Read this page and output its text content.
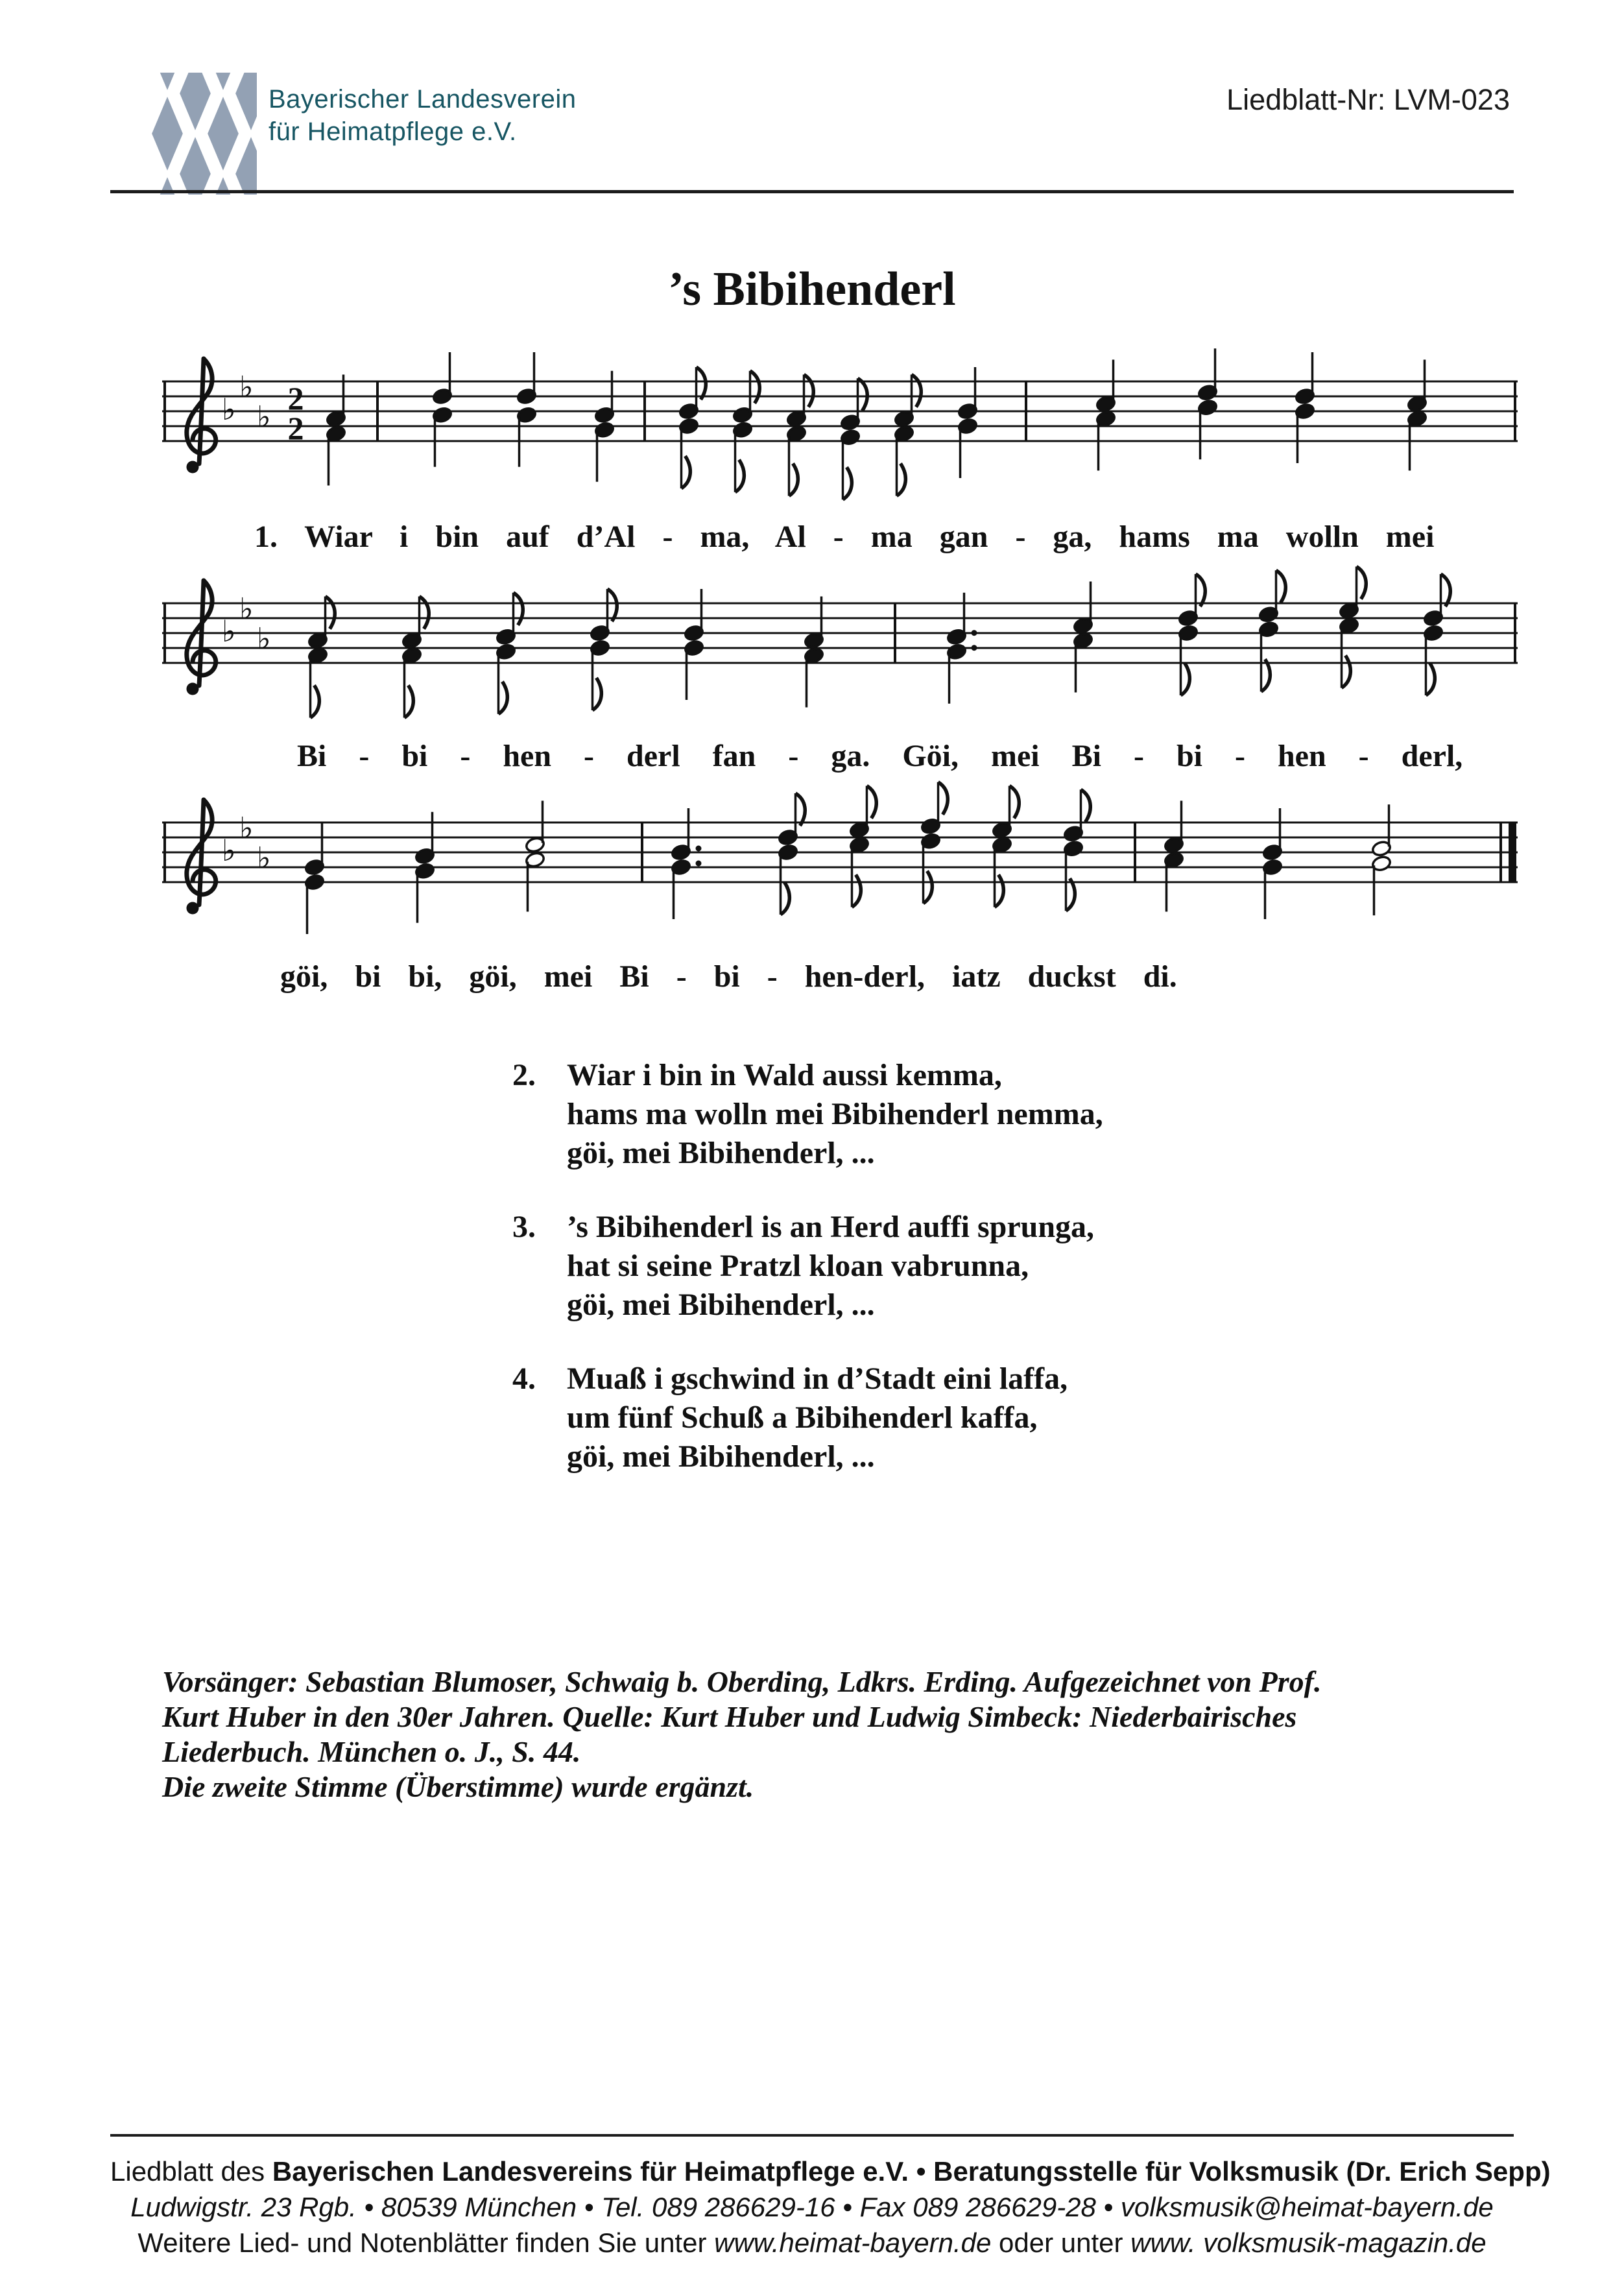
Bayerischer Landesverein
für Heimatpflege e.V.
Liedblatt-Nr: LVM-023
’s Bibihenderl
♭
♭
♭
2
2
♭
♭
♭
♭
♭
♭
1. Wiar i bin auf d’Al - ma, Al - ma gan - ga, hams ma wolln mei
Bi - bi - hen - derl fan - ga. Göi, mei Bi - bi - hen - derl,
göi, bi bi, göi, mei Bi - bi - hen-derl, iatz duckst di.
2. Wiar i bin in Wald aussi kemma,
hams ma wolln mei Bibihenderl nemma,
göi, mei Bibihenderl, ...
3. ’s Bibihenderl is an Herd auffi sprunga,
hat si seine Pratzl kloan vabrunna,
göi, mei Bibihenderl, ...
4. Muaß i gschwind in d’Stadt eini laffa,
um fünf Schuß a Bibihenderl kaffa,
göi, mei Bibihenderl, ...
Vorsänger: Sebastian Blumoser, Schwaig b. Oberding, Ldkrs. Erding. Aufgezeichnet von Prof.
Kurt Huber in den 30er Jahren. Quelle: Kurt Huber und Ludwig Simbeck: Niederbairisches
Liederbuch. München o. J., S. 44.
Die zweite Stimme (Überstimme) wurde ergänzt.
Liedblatt des Bayerischen Landesvereins für Heimatpflege e.V. • Beratungsstelle für Volksmusik (Dr. Erich Sepp)
Ludwigstr. 23 Rgb. • 80539 München • Tel. 089 286629-16 • Fax 089 286629-28 • volksmusik@heimat-bayern.de
Weitere Lied- und Notenblätter finden Sie unter www.heimat-bayern.de oder unter www. volksmusik-magazin.de
